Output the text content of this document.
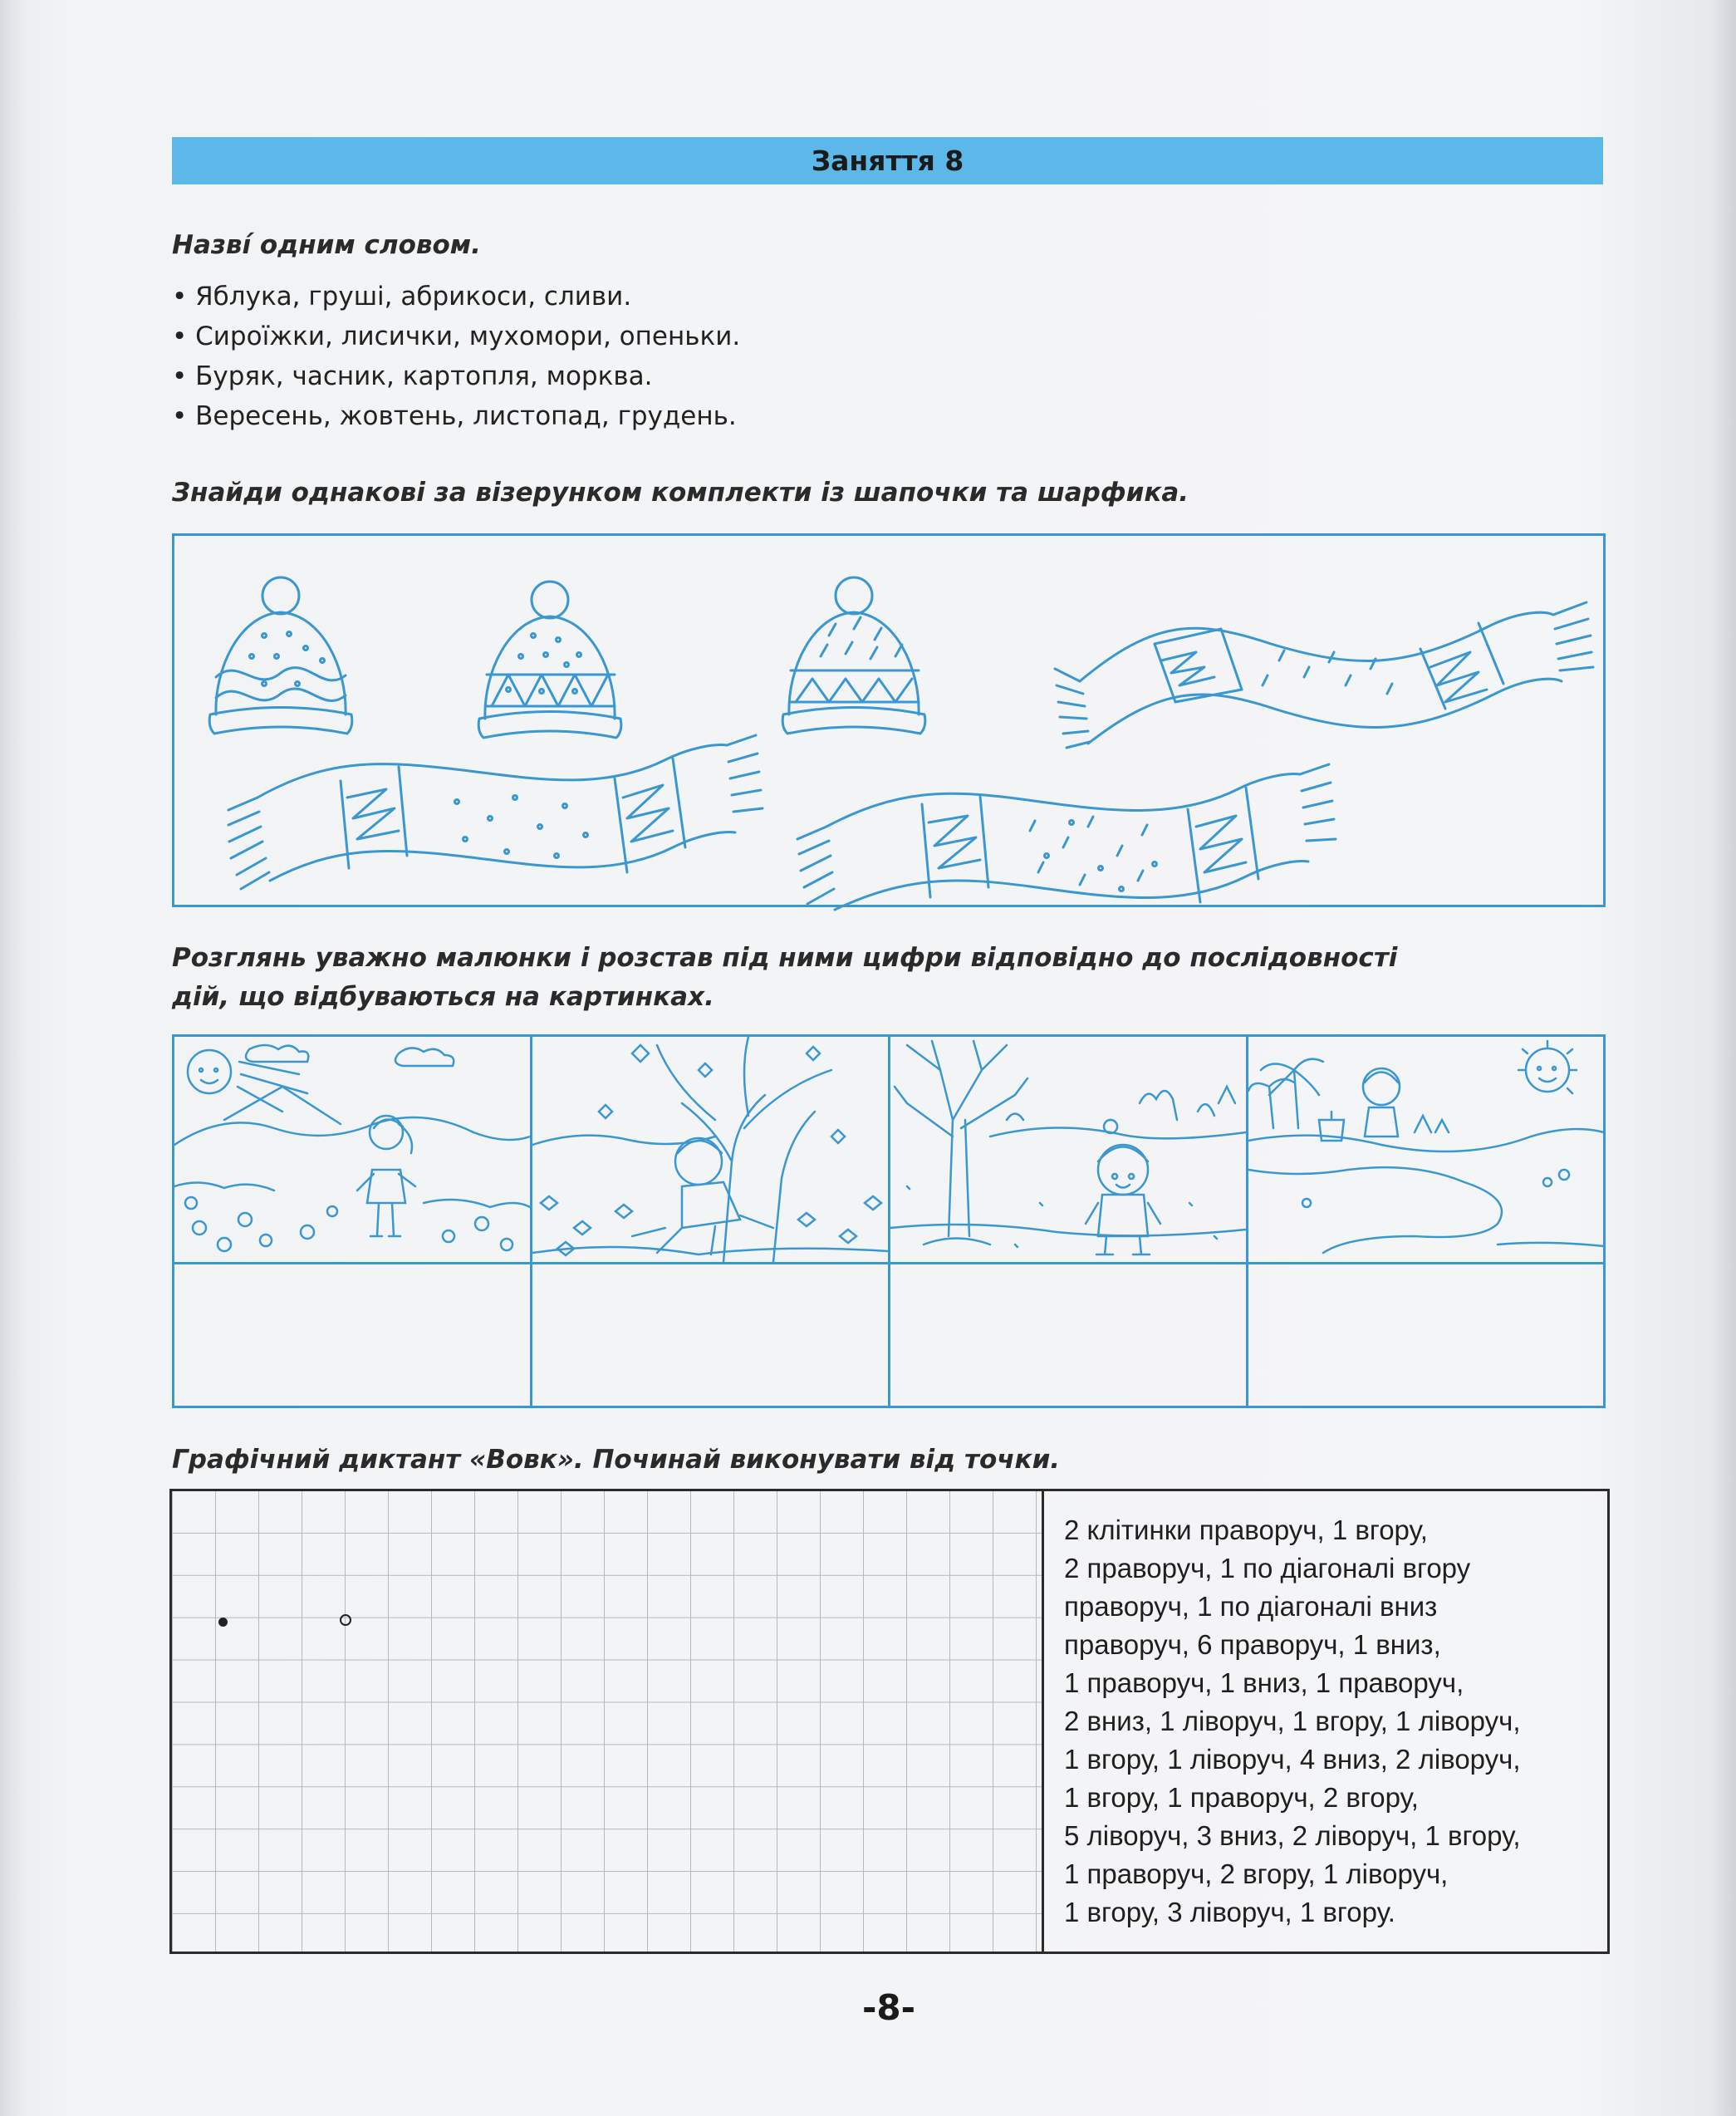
Заняття 8
Назві́ одним словом.
• Яблука, груші, абрикоси, сливи.
• Сироїжки, лисички, мухомори, опеньки.
• Буряк, часник, картопля, морква.
• Вересень, жовтень, листопад, грудень.
Знайди однакові за візерунком комплекти із шапочки та шарфика.
Розглянь уважно малюнки і розстав під ними цифри відповідно до послідовності
дій, що відбуваються на картинках.
Графічний диктант «Вовк». Починай виконувати від точки.
2 клітинки праворуч, 1 вгору,
2 праворуч, 1 по діагоналі вгору
праворуч, 1 по діагоналі вниз
праворуч, 6 праворуч, 1 вниз,
1 праворуч, 1 вниз, 1 праворуч,
2 вниз, 1 ліворуч, 1 вгору, 1 ліворуч,
1 вгору, 1 ліворуч, 4 вниз, 2 ліворуч,
1 вгору, 1 праворуч, 2 вгору,
5 ліворуч, 3 вниз, 2 ліворуч, 1 вгору,
1 праворуч, 2 вгору, 1 ліворуч,
1 вгору, 3 ліворуч, 1 вгору.
-8-
